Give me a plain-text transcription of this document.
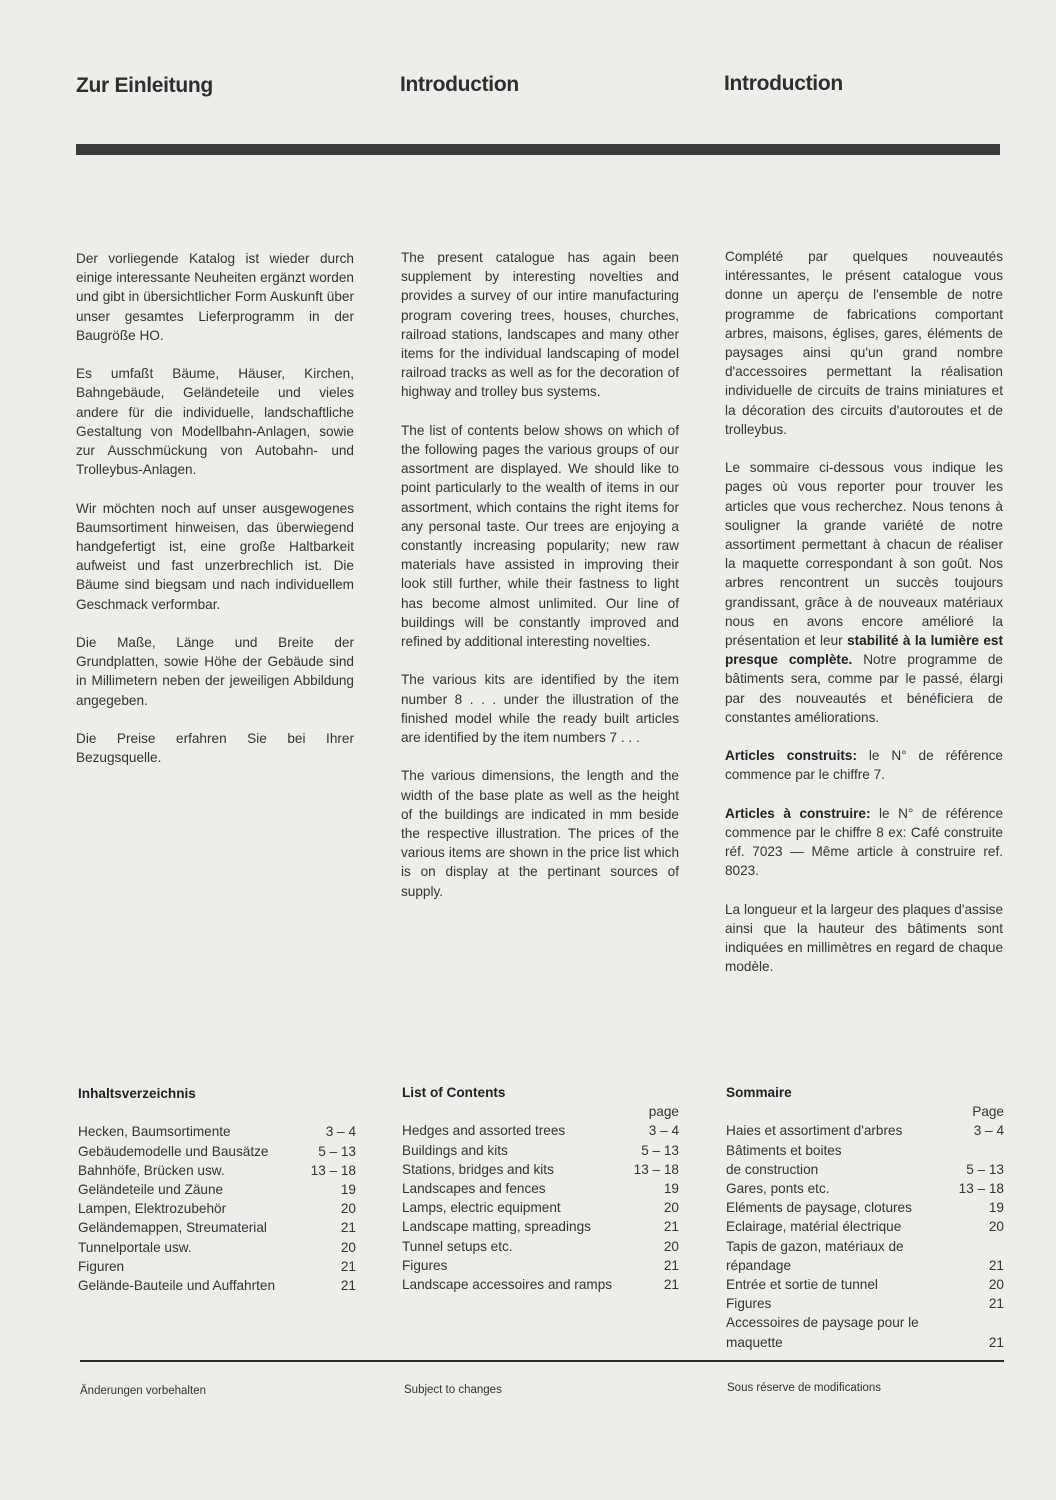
Zur Einleitung	Introduction	Introduction

Der vorliegende Katalog ist wieder durch einige interessante Neuheiten ergänzt worden und gibt in übersichtlicher Form Auskunft über unser gesamtes Lieferprogramm in der Baugröße HO.

Es umfaßt Bäume, Häuser, Kirchen, Bahngebäude, Geländeteile und vieles andere für die individuelle, landschaftliche Gestaltung von Modellbahn-Anlagen, sowie zur Ausschmückung von Autobahn- und Trolleybus-Anlagen.

Wir möchten noch auf unser ausgewogenes Baumsortiment hinweisen, das überwiegend handgefertigt ist, eine große Haltbarkeit aufweist und fast unzerbrechlich ist. Die Bäume sind biegsam und nach individuellem Geschmack verformbar.

Die Maße, Länge und Breite der Grundplatten, sowie Höhe der Gebäude sind in Millimetern neben der jeweiligen Abbildung angegeben.

Die Preise erfahren Sie bei Ihrer Bezugsquelle.

The present catalogue has again been supplement by interesting novelties and provides a survey of our intire manufacturing program covering trees, houses, churches, railroad stations, landscapes and many other items for the individual landscaping of model railroad tracks as well as for the decoration of highway and trolley bus systems.

The list of contents below shows on which of the following pages the various groups of our assortment are displayed. We should like to point particularly to the wealth of items in our assortment, which contains the right items for any personal taste. Our trees are enjoying a constantly increasing popularity; new raw materials have assisted in improving their look still further, while their fastness to light has become almost unlimited. Our line of buildings will be constantly improved and refined by additional interesting novelties.

The various kits are identified by the item number 8 . . . under the illustration of the finished model while the ready built articles are identified by the item numbers 7 . . .

The various dimensions, the length and the width of the base plate as well as the height of the buildings are indicated in mm beside the respective illustration. The prices of the various items are shown in the price list which is on display at the pertinant sources of supply.

Complété par quelques nouveautés intéressantes, le présent catalogue vous donne un aperçu de l'ensemble de notre programme de fabrications comportant arbres, maisons, églises, gares, éléments de paysages ainsi qu'un grand nombre d'accessoires permettant la réalisation individuelle de circuits de trains miniatures et la décoration des circuits d'autoroutes et de trolleybus.

Le sommaire ci-dessous vous indique les pages où vous reporter pour trouver les articles que vous recherchez. Nous tenons à souligner la grande variété de notre assortiment permettant à chacun de réaliser la maquette correspondant à son goût. Nos arbres rencontrent un succès toujours grandissant, grâce à de nouveaux matériaux nous en avons encore amélioré la présentation et leur stabilité à la lumière est presque complète. Notre programme de bâtiments sera, comme par le passé, élargi par des nouveautés et bénéficiera de constantes améliorations.

Articles construits: le N° de référence commence par le chiffre 7.

Articles à construire: le N° de référence commence par le chiffre 8 ex: Café construite réf. 7023 — Même article à construire ref. 8023.

La longueur et la largeur des plaques d'assise ainsi que la hauteur des bâtiments sont indiquées en millimètres en regard de chaque modèle.

Inhaltsverzeichnis
Hecken, Baumsortimente	3 – 4
Gebäudemodelle und Bausätze	5 – 13
Bahnhöfe, Brücken usw.	13 – 18
Geländeteile und Zäune	19
Lampen, Elektrozubehör	20
Geländemappen, Streumaterial	21
Tunnelportale usw.	20
Figuren	21
Gelände-Bauteile und Auffahrten	21
List of Contents
page
Hedges and assorted trees	3 – 4
Buildings and kits	5 – 13
Stations, bridges and kits	13 – 18
Landscapes and fences	19
Lamps, electric equipment	20
Landscape matting, spreadings	21
Tunnel setups etc.	20
Figures	21
Landscape accessoires and ramps	21
Sommaire
Page
Haies et assortiment d'arbres	3 – 4
Bâtiments et boites
de construction	5 – 13
Gares, ponts etc.	13 – 18
Eléments de paysage, clotures	19
Eclairage, matérial électrique	20
Tapis de gazon, matériaux de
répandage	21
Entrée et sortie de tunnel	20
Figures	21
Accessoires de paysage pour le
maquette	21
Änderungen vorbehalten	Subject to changes	Sous réserve de modifications
